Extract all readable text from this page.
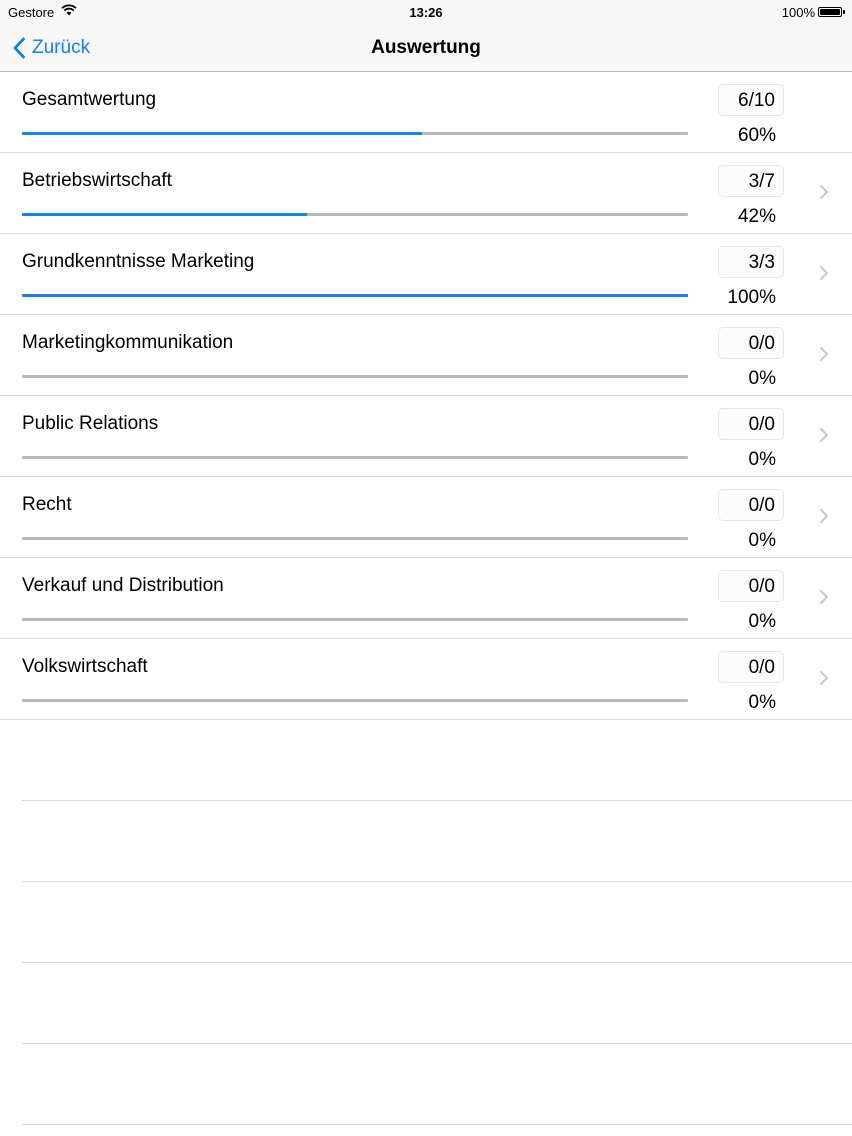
Gestore	13:26	100%
Zurück	Auswertung
Gesamtwertung	6/10
60%
Betriebswirtschaft	3/7
42%
Grundkenntnisse Marketing	3/3
100%
Marketingkommunikation	0/0
0%
Public Relations	0/0
0%
Recht	0/0
0%
Verkauf und Distribution	0/0
0%
Volkswirtschaft	0/0
0%
